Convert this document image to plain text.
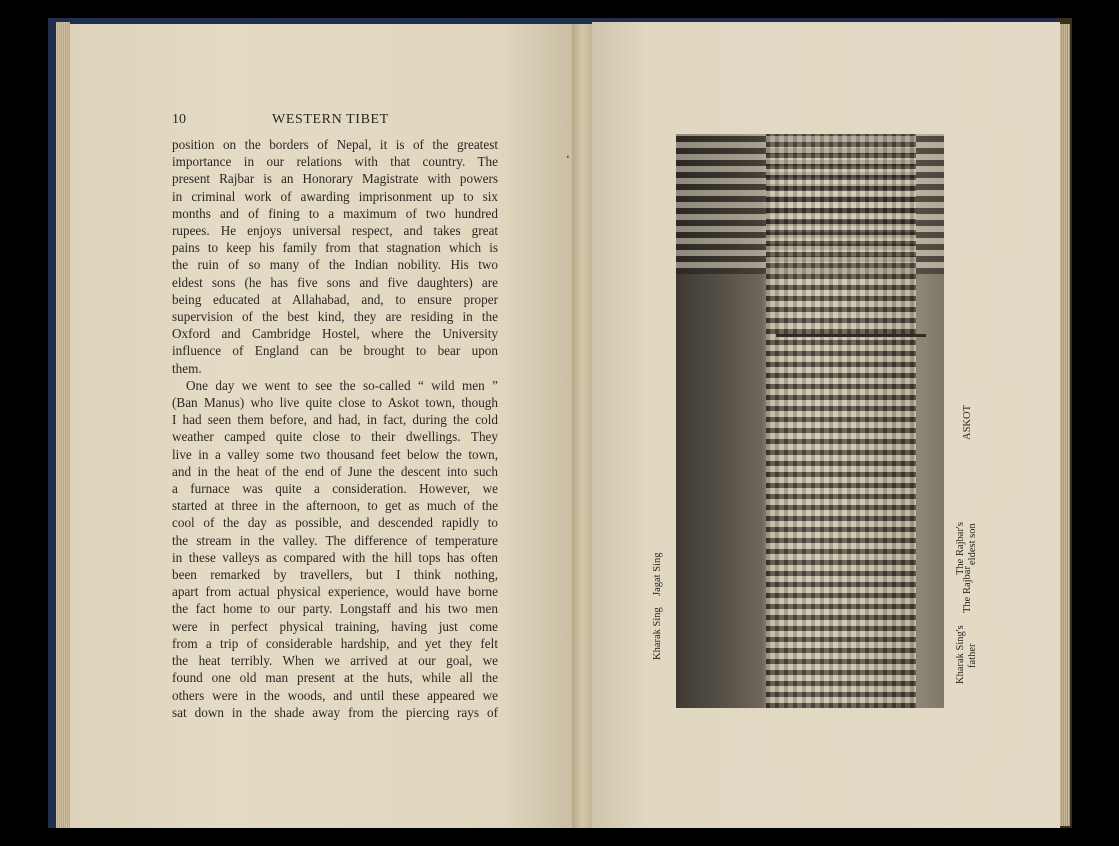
10	WESTERN TIBET
position on the borders of Nepal, it is of the greatest
importance in our relations with that country. The
present Rajbar is an Honorary Magistrate with powers
in criminal work of awarding imprisonment up to six
months and of fining to a maximum of two hundred
rupees. He enjoys universal respect, and takes great
pains to keep his family from that stagnation which is
the ruin of so many of the Indian nobility. His two
eldest sons (he has five sons and five daughters) are
being educated at Allahabad, and, to ensure proper
supervision of the best kind, they are residing in the
Oxford and Cambridge Hostel, where the University
influence of England can be brought to bear upon
them.
One day we went to see the so-called “ wild men ”
(Ban Manus) who live quite close to Askot town, though
I had seen them before, and had, in fact, during the cold
weather camped quite close to their dwellings. They
live in a valley some two thousand feet below the town,
and in the heat of the end of June the descent into such
a furnace was quite a consideration. However, we
started at three in the afternoon, to get as much of the
cool of the day as possible, and descended rapidly to
the stream in the valley. The difference of temperature
in these valleys as compared with the hill tops has often
been remarked by travellers, but I think nothing,
apart from actual physical experience, would have borne
the fact home to our party. Longstaff and his two men
were in perfect physical training, having just come
from a trip of considerable hardship, and yet they felt
the heat terribly. When we arrived at our goal, we
found one old man present at the huts, while all the
others were in the woods, and until these appeared we
sat down in the shade away from the piercing rays of
ʻ
Kharak Sing
Jagat Sing
Kharak Sing's father
The Rajbar
The Rajbar's eldest son
ASKOT
